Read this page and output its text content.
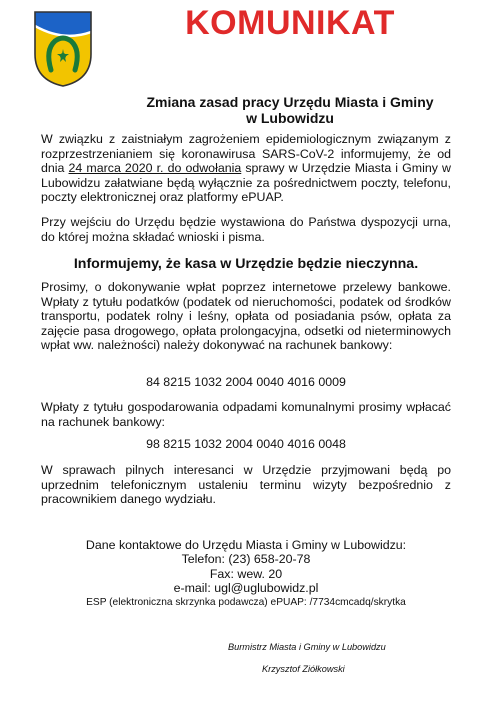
KOMUNIKAT
Zmiana zasad pracy Urzędu Miasta i Gminy
w Lubowidzu
W związku z zaistniałym zagrożeniem epidemiologicznym związanym z rozprzestrzenianiem się koronawirusa SARS-CoV-2 informujemy, że od dnia 24 marca 2020 r. do odwołania sprawy w Urzędzie Miasta i Gminy w Lubowidzu załatwiane będą wyłącznie za pośrednictwem poczty, telefonu, poczty elektronicznej oraz platformy ePUAP.
Przy wejściu do Urzędu będzie wystawiona do Państwa dyspozycji urna, do której można składać wnioski i pisma.
Informujemy, że kasa w Urzędzie będzie nieczynna.
Prosimy, o dokonywanie wpłat poprzez internetowe przelewy bankowe. Wpłaty z tytułu podatków (podatek od nieruchomości, podatek od środków transportu, podatek rolny i leśny, opłata od posiadania psów, opłata za zajęcie pasa drogowego, opłata prolongacyjna, odsetki od nieterminowych wpłat ww. należności) należy dokonywać na rachunek bankowy:
84 8215 1032 2004 0040 4016 0009
Wpłaty z tytułu gospodarowania odpadami komunalnymi prosimy wpłacać na rachunek bankowy:
98 8215 1032 2004 0040 4016 0048
W sprawach pilnych interesanci w Urzędzie przyjmowani będą po uprzednim telefonicznym ustaleniu terminu wizyty bezpośrednio z pracownikiem danego wydziału.
Dane kontaktowe do Urzędu Miasta i Gminy w Lubowidzu:
Telefon: (23) 658-20-78
Fax: wew. 20
e-mail: ugl@uglubowidz.pl
ESP (elektroniczna skrzynka podawcza) ePUAP: /7734cmcadq/skrytka
Burmistrz Miasta i Gminy w Lubowidzu
Krzysztof Ziółkowski
